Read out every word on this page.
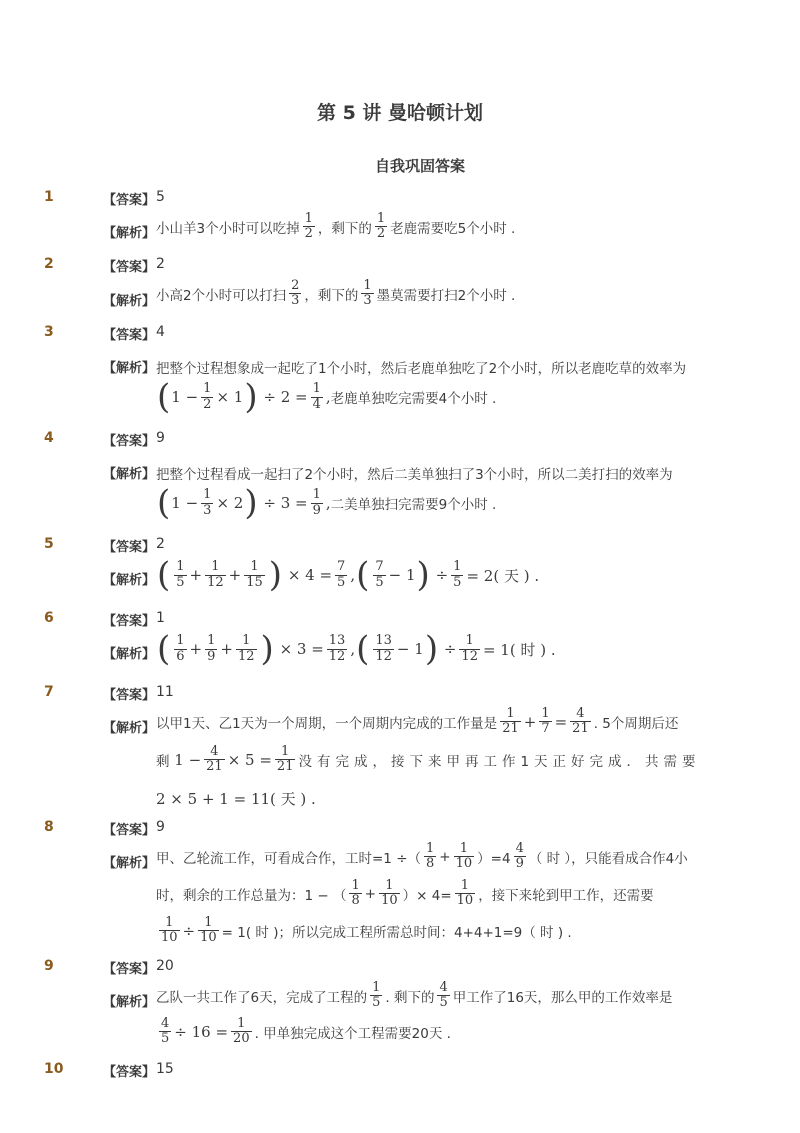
第 5 讲 曼哈顿计划
自我巩固答案
1	【答案】 5
【解析】 小山羊3个小时可以吃掉 $\frac{1}{2}$ ，剩下的 $\frac{1}{2}$ 老鹿需要吃5个小时 .
2	【答案】 2
【解析】 小高2个小时可以打扫 $\frac{2}{3}$ ，剩下的 $\frac{1}{3}$ 墨莫需要打扫2个小时 .
3	【答案】 4
【解析】 把整个过程想象成一起吃了1个小时，然后老鹿单独吃了2个小时，所以老鹿吃草的效率为
( $1 - \frac{1}{2} \times 1$ ) ÷ $2 = \frac{1}{4}$ , 老鹿单独吃完需要4个小时 .
4	【答案】 9
【解析】 把整个过程看成一起扫了2个小时，然后二美单独扫了3个小时，所以二美打扫的效率为
( $1 - \frac{1}{3} \times 2$ ) ÷ $3 = \frac{1}{9}$ , 二美单独扫完需要9个小时 .
5	【答案】 2
【解析】 ( $\frac{1}{5} + \frac{1}{12} + \frac{1}{15}$ ) × $4 = \frac{7}{5}$ , ( $\frac{7}{5} - 1$ ) ÷ $\frac{1}{5} = 2$( 天 ) .
6	【答案】 1
【解析】 ( $\frac{1}{6} + \frac{1}{9} + \frac{1}{12}$ ) × $3 = \frac{13}{12}$ , ( $\frac{13}{12} - 1$ ) ÷ $\frac{1}{12} = 1$( 时 ) .
7	【答案】 11
【解析】 以甲1天、乙1天为一个周期，一个周期内完成的工作量是 $\frac{1}{21} + \frac{1}{7} = \frac{4}{21}$ . 5个周期后还
剩 $1 - \frac{4}{21} \times 5 = \frac{1}{21}$ 没有完成，接下来甲再工作1天正好完成．共需要
2 × 5 + 1 = 11( 天 ) .
8	【答案】 9
【解析】 甲、乙轮流工作，可看成合作，工时=1 ÷（ $\frac{1}{8} + \frac{1}{10} )=4 \frac{4}{9}$ （ 时 ），只能看成合作4小
时，剩余的工作总量为：1 − （ $\frac{1}{8} + \frac{1}{10}$ ）× $4= \frac{1}{10}$ ，接下来轮到甲工作，还需要
$\frac{1}{10} \div \frac{1}{10} = 1$( 时 )；所以完成工程所需总时间：4+4+1=9（ 时 ) .
9	【答案】 20
【解析】 乙队一共工作了6天，完成了工程的 $\frac{1}{5}$ . 剩下的 $\frac{4}{5}$ 甲工作了16天，那么甲的工作效率是
$\frac{4}{5} \div 16 = \frac{1}{20}$ . 甲单独完成这个工程需要20天 .
10	【答案】 15
